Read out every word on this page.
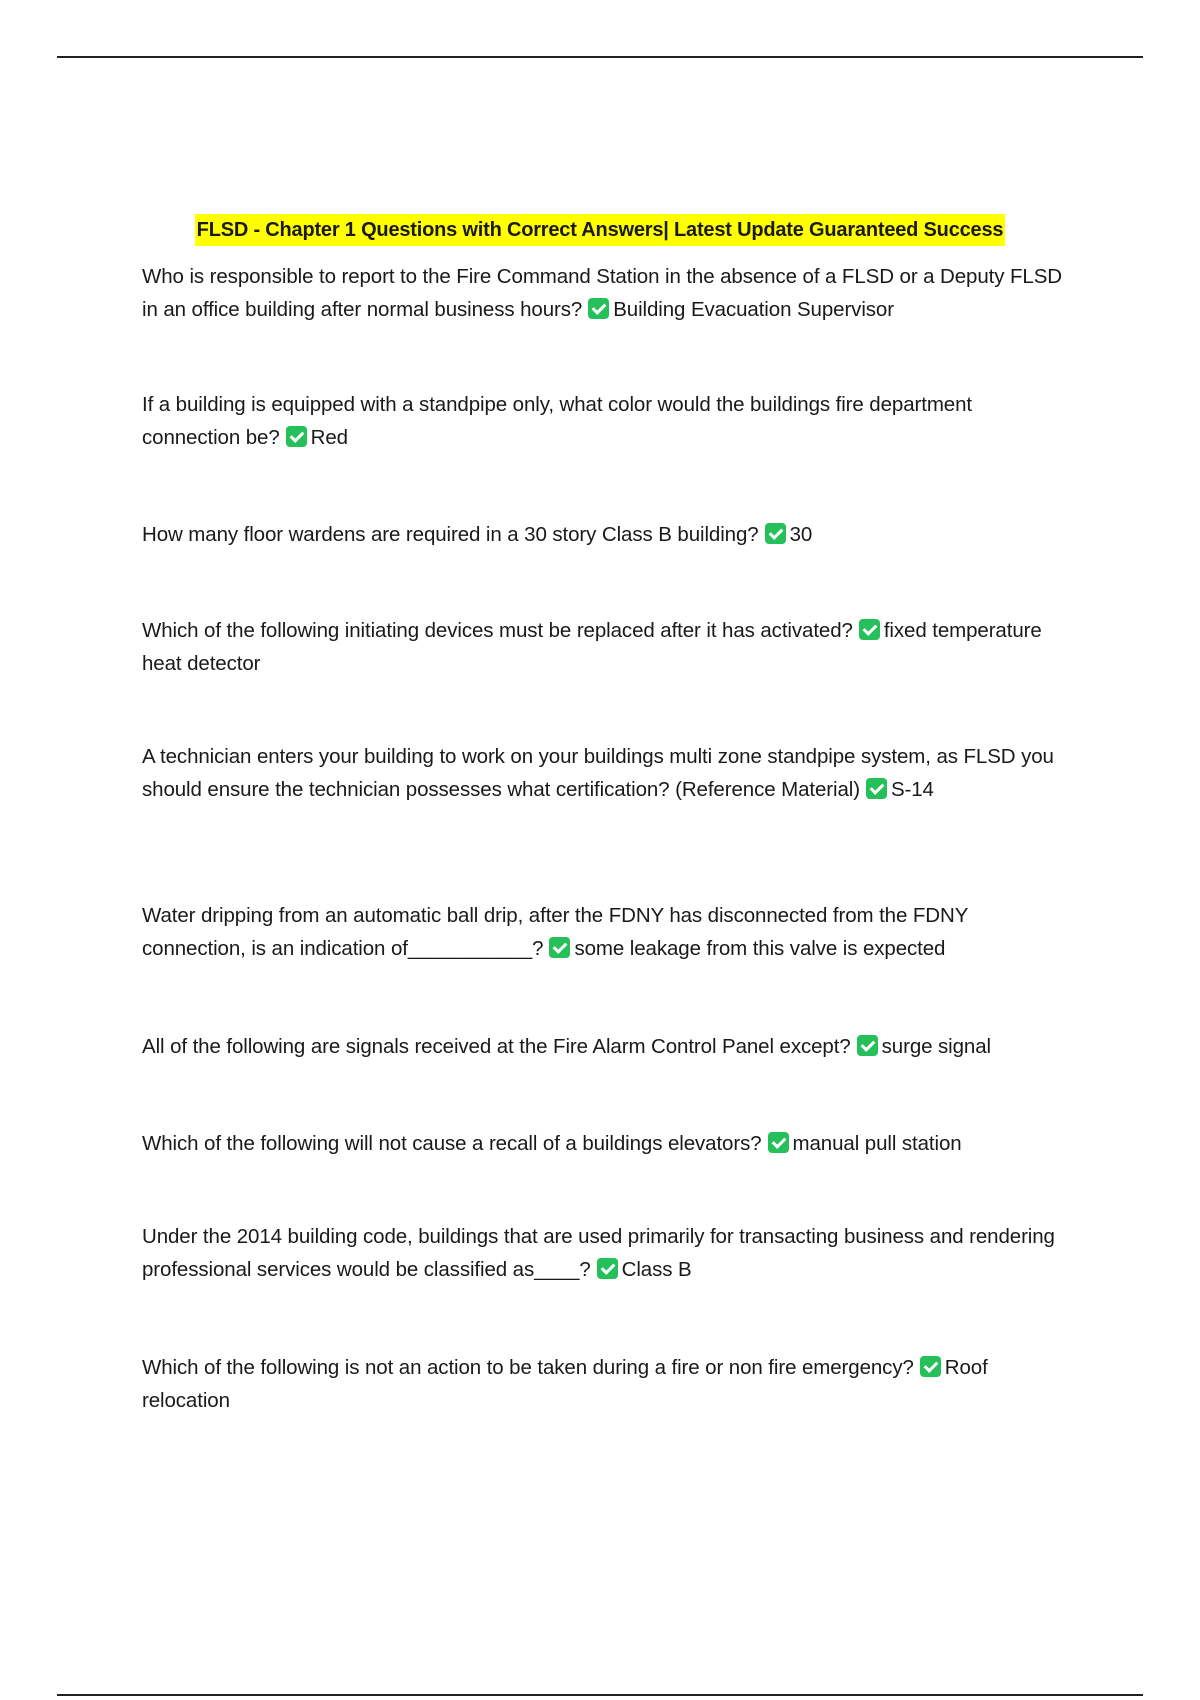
FLSD - Chapter 1 Questions with Correct Answers| Latest Update Guaranteed Success
Who is responsible to report to the Fire Command Station in the absence of a FLSD or a Deputy FLSD in an office building after normal business hours? Building Evacuation Supervisor
If a building is equipped with a standpipe only, what color would the buildings fire department connection be? Red
How many floor wardens are required in a 30 story Class B building? 30
Which of the following initiating devices must be replaced after it has activated? fixed temperature heat detector
A technician enters your building to work on your buildings multi zone standpipe system, as FLSD you should ensure the technician possesses what certification? (Reference Material) S-14
Water dripping from an automatic ball drip, after the FDNY has disconnected from the FDNY connection, is an indication of___________? some leakage from this valve is expected
All of the following are signals received at the Fire Alarm Control Panel except? surge signal
Which of the following will not cause a recall of a buildings elevators? manual pull station
Under the 2014 building code, buildings that are used primarily for transacting business and rendering professional services would be classified as____? Class B
Which of the following is not an action to be taken during a fire or non fire emergency? Roof relocation
